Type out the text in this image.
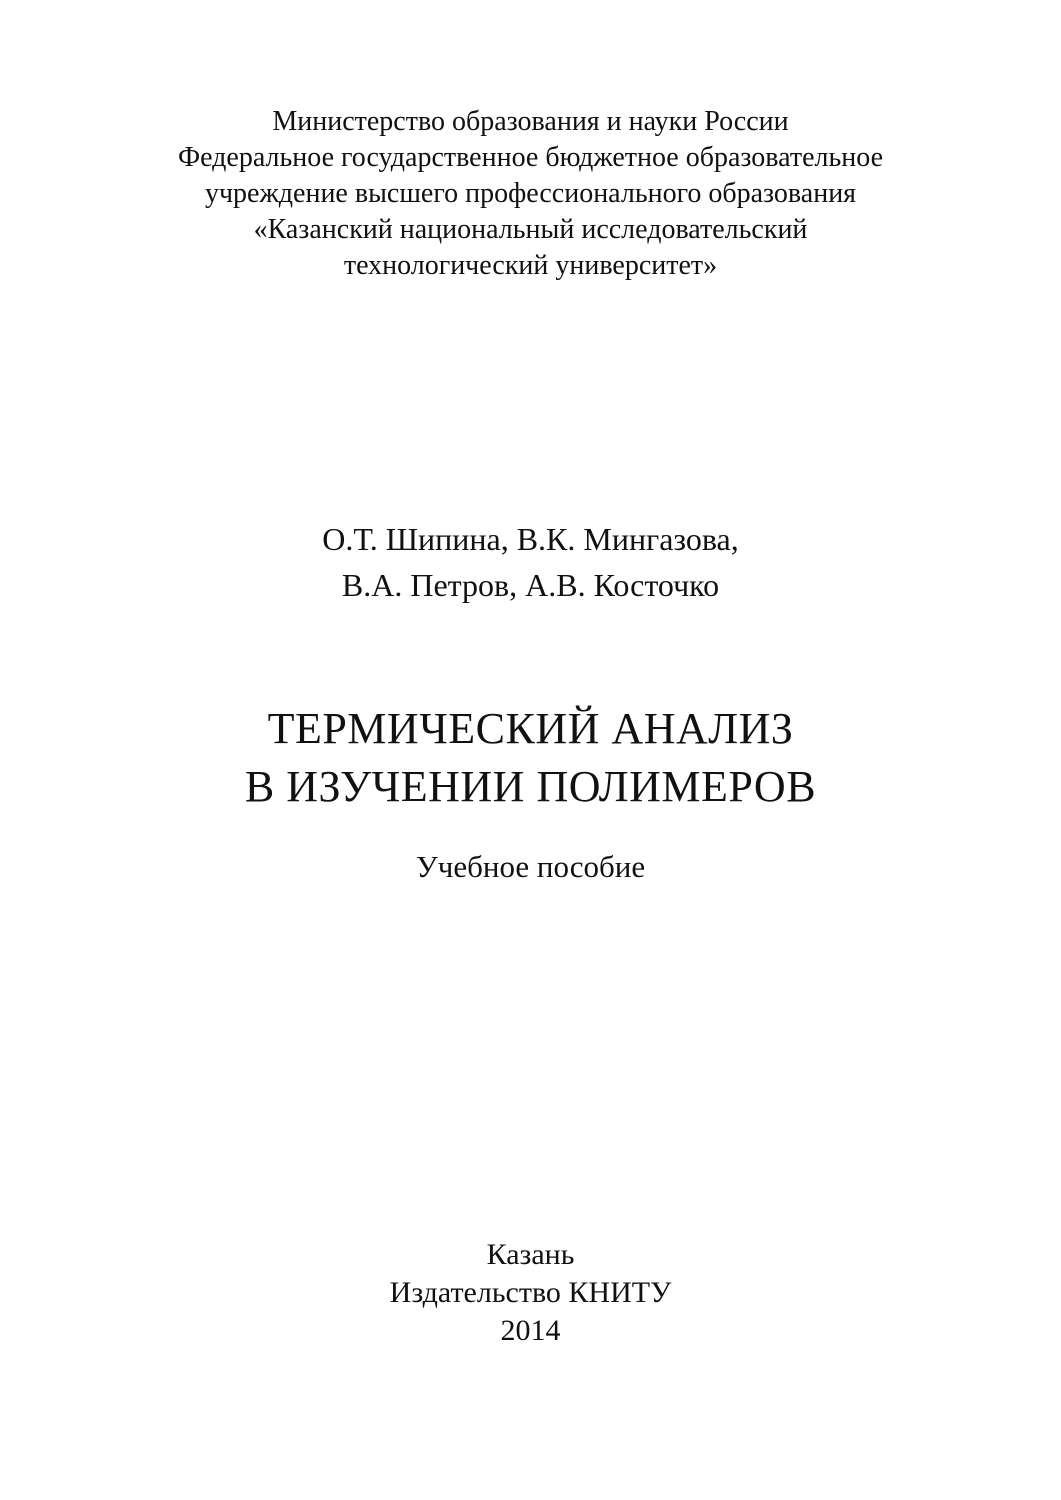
Министерство образования и науки России
Федеральное государственное бюджетное образовательное
учреждение высшего профессионального образования
«Казанский национальный исследовательский
технологический университет»
О.Т. Шипина, В.К. Мингазова,
В.А. Петров, А.В. Косточко
ТЕРМИЧЕСКИЙ АНАЛИЗ
В ИЗУЧЕНИИ ПОЛИМЕРОВ
Учебное пособие
Казань
Издательство КНИТУ
2014
